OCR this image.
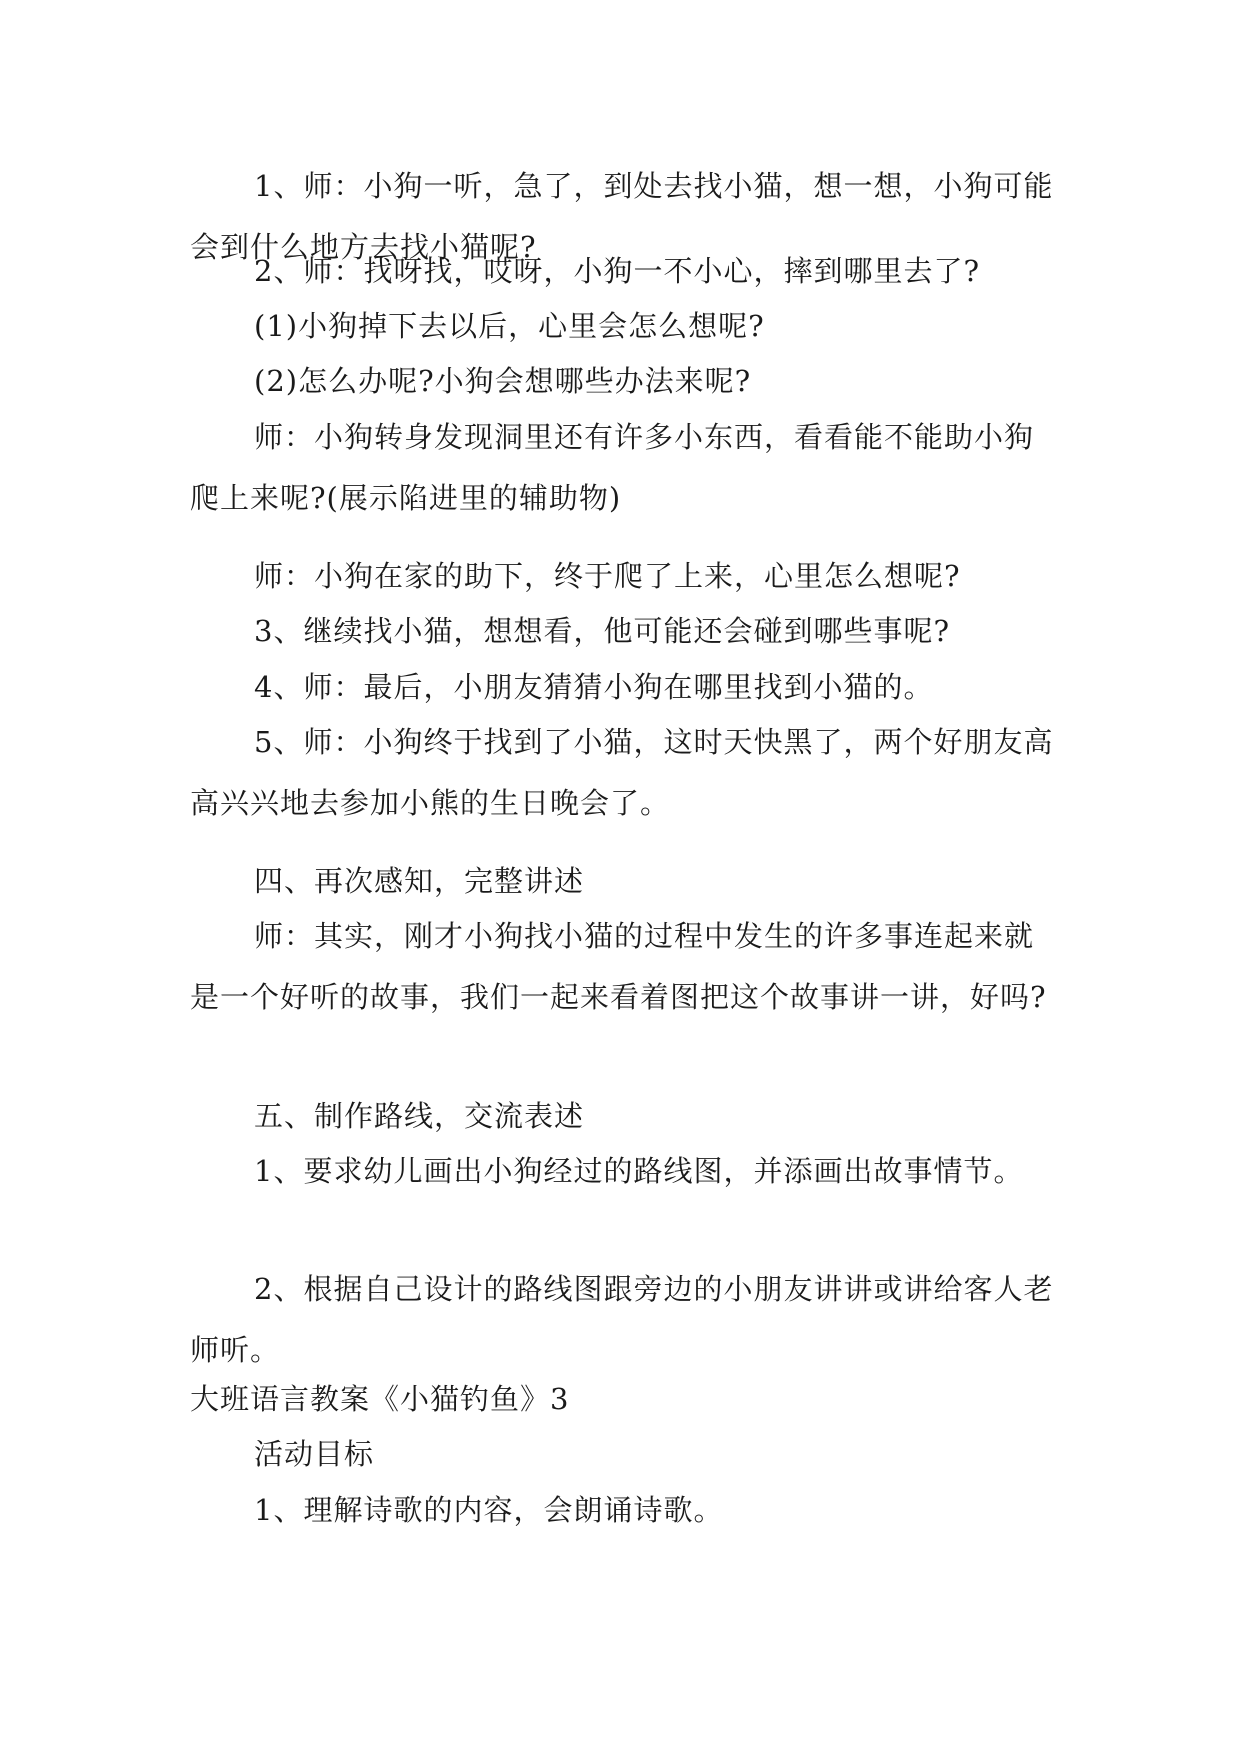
1、师：小狗一听，急了，到处去找小猫，想一想，小狗可能会到什么地方去找小猫呢?

2、师：找呀找，哎呀，小狗一不小心，摔到哪里去了?

(1)小狗掉下去以后，心里会怎么想呢?

(2)怎么办呢?小狗会想哪些办法来呢?

师：小狗转身发现洞里还有许多小东西，看看能不能助小狗爬上来呢?(展示陷进里的辅助物)

师：小狗在家的助下，终于爬了上来，心里怎么想呢?

3、继续找小猫，想想看，他可能还会碰到哪些事呢?

4、师：最后，小朋友猜猜小狗在哪里找到小猫的。

5、师：小狗终于找到了小猫，这时天快黑了，两个好朋友高高兴兴地去参加小熊的生日晚会了。

四、再次感知，完整讲述

师：其实，刚才小狗找小猫的过程中发生的许多事连起来就是一个好听的故事，我们一起来看着图把这个故事讲一讲，好吗?

五、制作路线，交流表述

1、要求幼儿画出小狗经过的路线图，并添画出故事情节。

2、根据自己设计的路线图跟旁边的小朋友讲讲或讲给客人老师听。

大班语言教案《小猫钓鱼》3

活动目标

1、理解诗歌的内容，会朗诵诗歌。
